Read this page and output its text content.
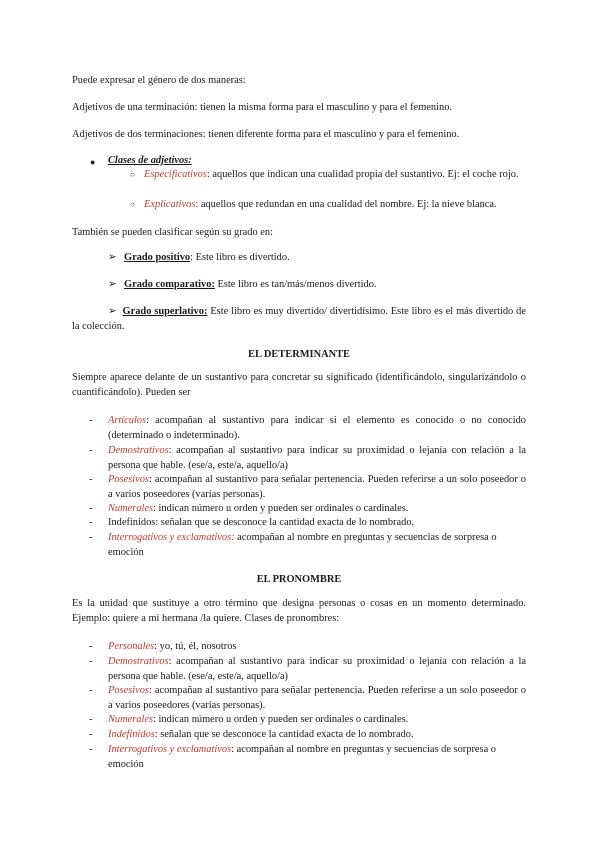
Puede expresar el género de dos maneras:

Adjetivos de una terminación: tienen la misma forma para el masculino y para el femenino.

Adjetivos de dos terminaciones: tienen diferente forma para el masculino y para el femenino.

● Clases de adjetivos:

○ Especificativos: aquellos que indican una cualidad propia del sustantivo. Ej: el coche rojo.

○ Explicativos: aquellos que redundan en una cualidad del nombre. Ej: la nieve blanca.

También se pueden clasificar según su grado en:

➢ Grado positivo: Este libro es divertido.

➢ Grado comparativo: Este libro es tan/más/menos divertido.

➢ Grado superlativo: Este libro es muy divertido/ divertidísimo. Este libro es el más divertido de la colección.

EL DETERMINANTE

Siempre aparece delante de un sustantivo para concretar su significado (identificándolo, singularizándolo o cuantificándolo). Pueden ser

- Artículos: acompañan al sustantivo para indicar si el elemento es conocido o no conocido (determinado o indeterminado).

- Demostrativos: acompañan al sustantivo para indicar su proximidad o lejanía con relación a la persona que hable. (ese/a, este/a, aquello/a)

- Posesivos: acompañan al sustantivo para señalar pertenencia. Pueden referirse a un solo poseedor o a varios poseedores (varias personas).

- Numerales: indican número u orden y pueden ser ordinales o cardinales.

- Indefinidos: señalan que se desconoce la cantidad exacta de lo nombrado.

- Interrogativos y exclamativos: acompañan al nombre en preguntas y secuencias de sorpresa o emoción

EL PRONOMBRE

Es la unidad que sustituye a otro término que designa personas o cosas en un momento determinado. Ejemplo: quiere a mi hermana /la quiere. Clases de pronombres:

- Personales: yo, tú, él, nosotros

- Demostrativos: acompañan al sustantivo para indicar su proximidad o lejanía con relación a la persona que hable. (ese/a, este/a, aquello/a)

- Posesivos: acompañan al sustantivo para señalar pertenencia. Pueden referirse a un solo poseedor o a varios poseedores (varias personas).

- Numerales: indican número u orden y pueden ser ordinales o cardinales.

- Indefinidos: señalan que se desconoce la cantidad exacta de lo nombrado.

- Interrogativos y exclamativos: acompañan al nombre en preguntas y secuencias de sorpresa o emoción
